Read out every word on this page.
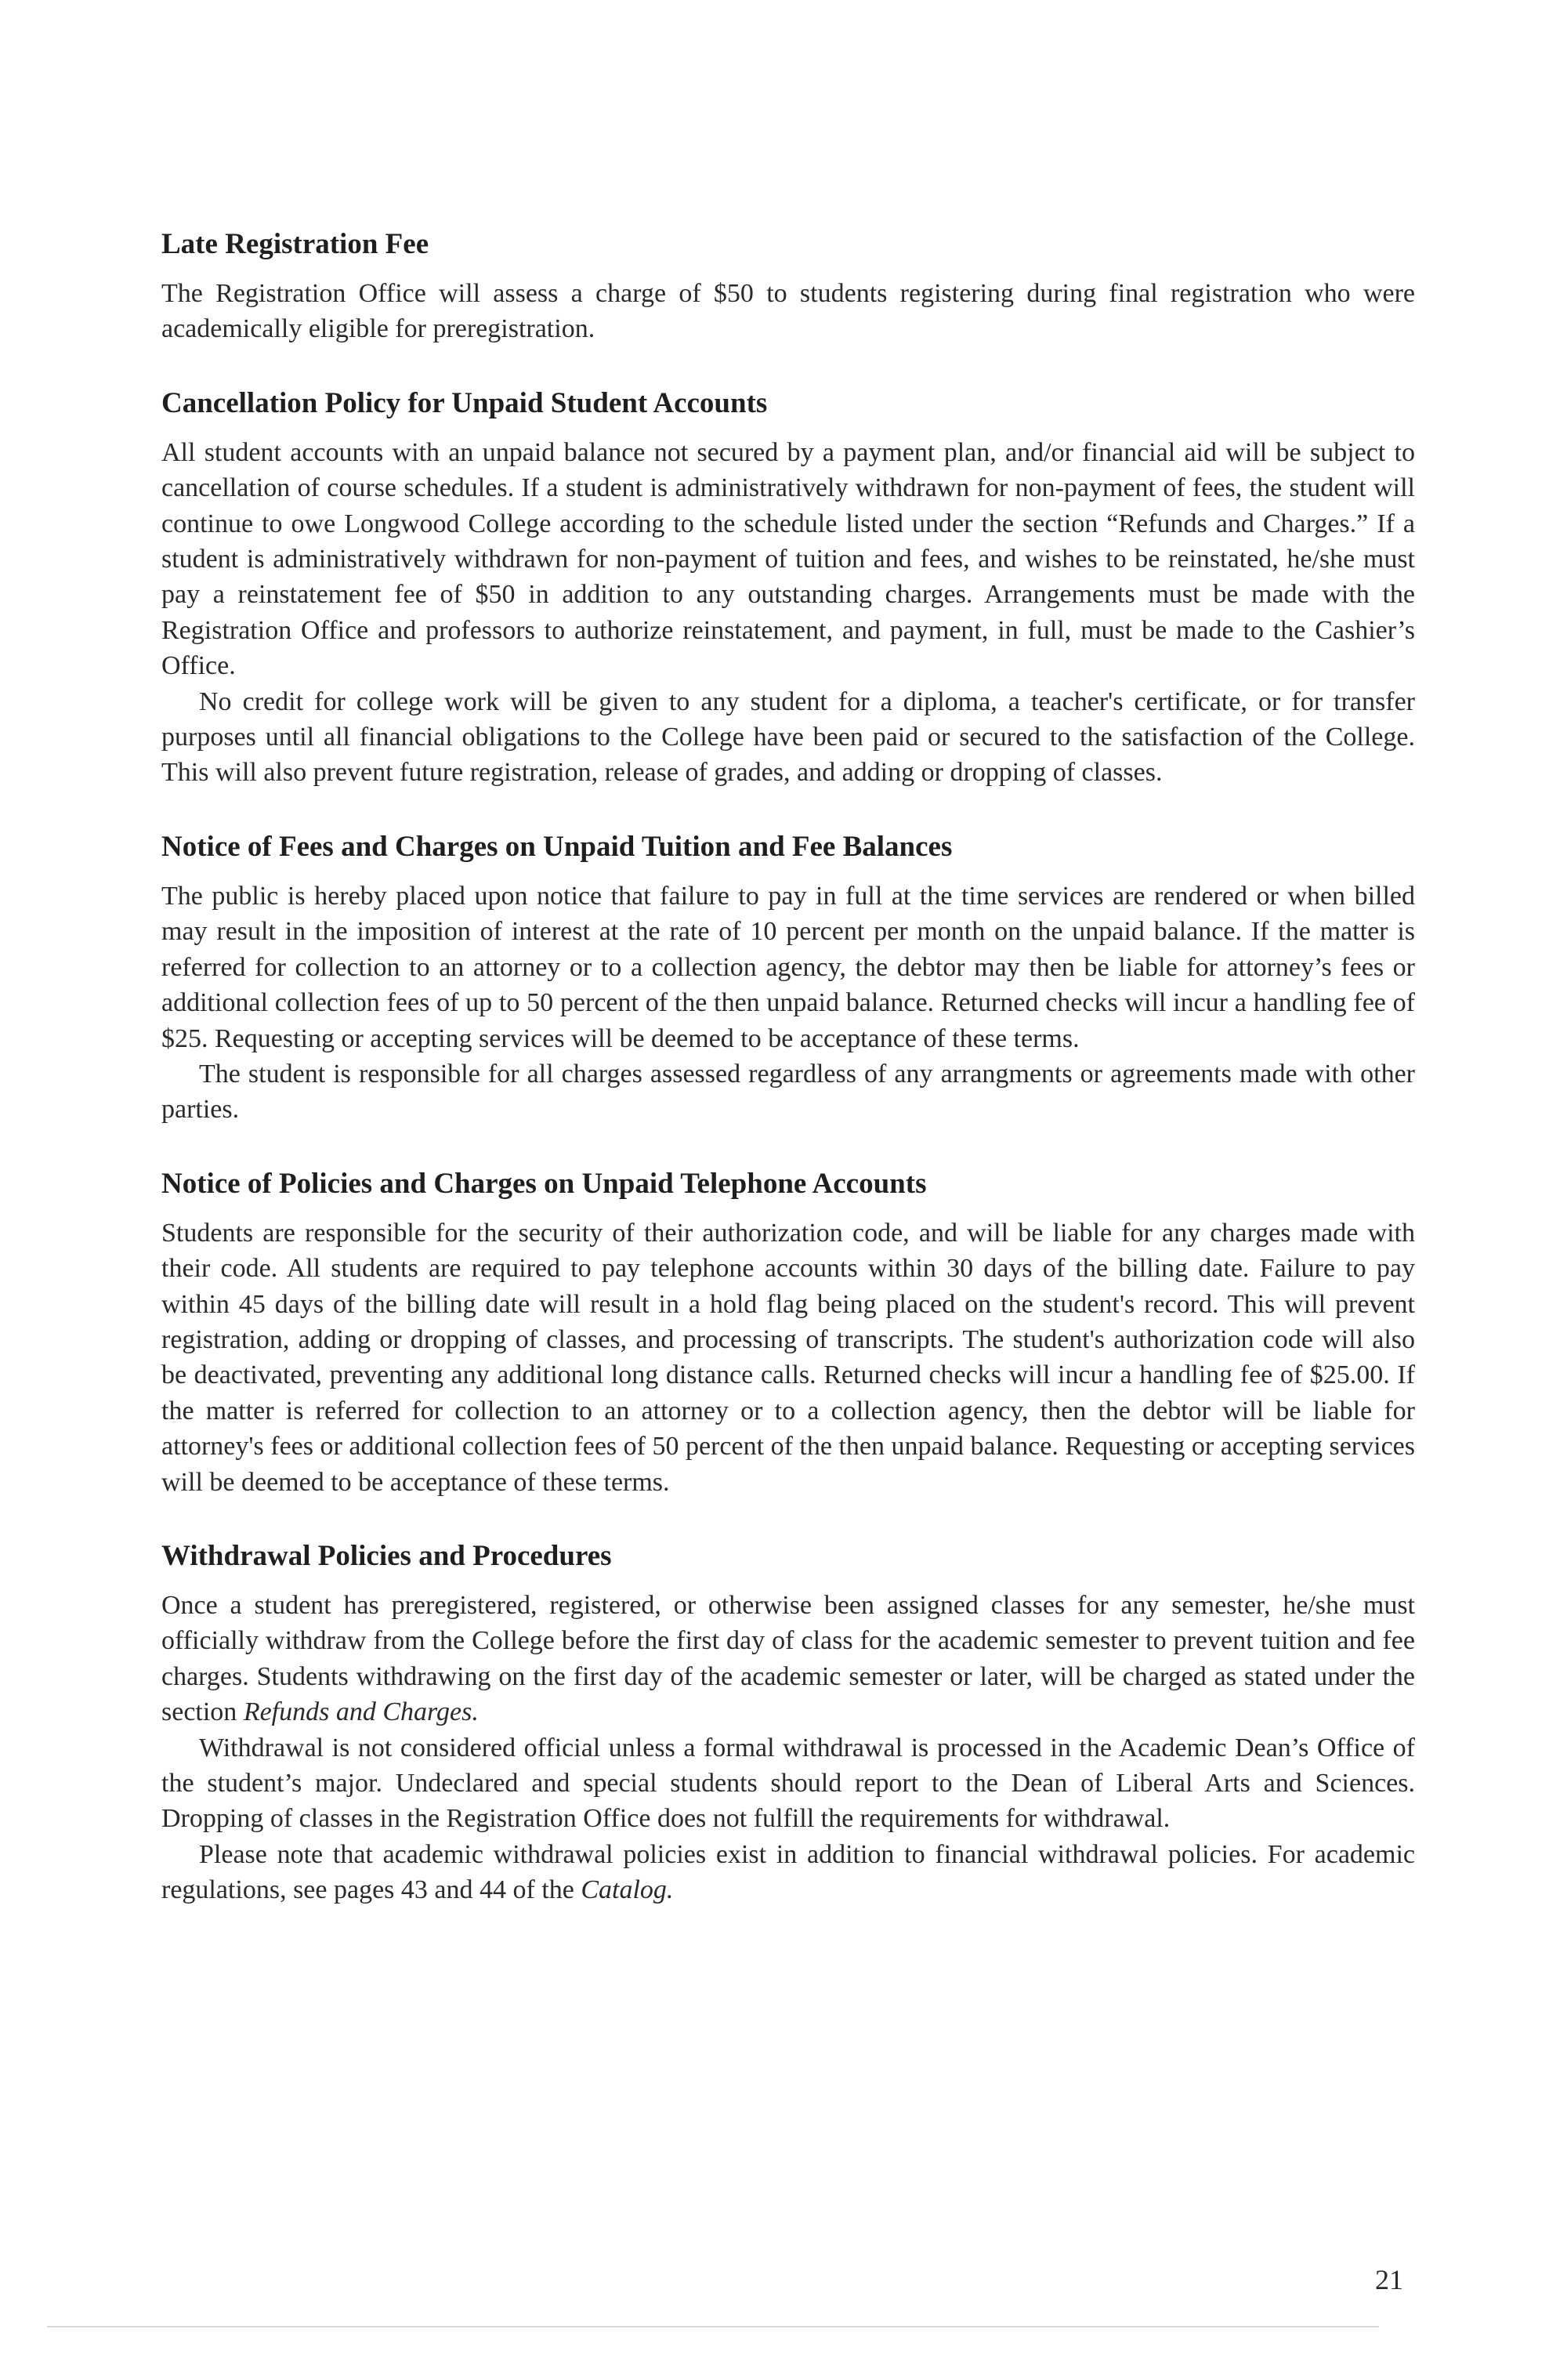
Late Registration Fee

The Registration Office will assess a charge of $50 to students registering during final registration who were academically eligible for preregistration.

Cancellation Policy for Unpaid Student Accounts

All student accounts with an unpaid balance not secured by a payment plan, and/or financial aid will be subject to cancellation of course schedules. If a student is administratively withdrawn for non-payment of fees, the student will continue to owe Longwood College according to the schedule listed under the section “Refunds and Charges.” If a student is administratively withdrawn for non-payment of tuition and fees, and wishes to be reinstated, he/she must pay a reinstatement fee of $50 in addition to any outstanding charges. Arrangements must be made with the Registration Office and professors to authorize reinstatement, and payment, in full, must be made to the Cashier’s Office.

No credit for college work will be given to any student for a diploma, a teacher's certificate, or for transfer purposes until all financial obligations to the College have been paid or secured to the satisfaction of the College. This will also prevent future registration, release of grades, and adding or dropping of classes.

Notice of Fees and Charges on Unpaid Tuition and Fee Balances

The public is hereby placed upon notice that failure to pay in full at the time services are rendered or when billed may result in the imposition of interest at the rate of 10 percent per month on the unpaid balance. If the matter is referred for collection to an attorney or to a collection agency, the debtor may then be liable for attorney’s fees or additional collection fees of up to 50 percent of the then unpaid balance. Returned checks will incur a handling fee of $25. Requesting or accepting services will be deemed to be acceptance of these terms.

The student is responsible for all charges assessed regardless of any arrangments or agreements made with other parties.

Notice of Policies and Charges on Unpaid Telephone Accounts

Students are responsible for the security of their authorization code, and will be liable for any charges made with their code. All students are required to pay telephone accounts within 30 days of the billing date. Failure to pay within 45 days of the billing date will result in a hold flag being placed on the student's record. This will prevent registration, adding or dropping of classes, and processing of transcripts. The student's authorization code will also be deactivated, preventing any additional long distance calls. Returned checks will incur a handling fee of $25.00. If the matter is referred for collection to an attorney or to a collection agency, then the debtor will be liable for attorney's fees or additional collection fees of 50 percent of the then unpaid balance. Requesting or accepting services will be deemed to be acceptance of these terms.

Withdrawal Policies and Procedures

Once a student has preregistered, registered, or otherwise been assigned classes for any semester, he/she must officially withdraw from the College before the first day of class for the academic semester to prevent tuition and fee charges. Students withdrawing on the first day of the academic semester or later, will be charged as stated under the section Refunds and Charges.

Withdrawal is not considered official unless a formal withdrawal is processed in the Academic Dean’s Office of the student’s major. Undeclared and special students should report to the Dean of Liberal Arts and Sciences. Dropping of classes in the Registration Office does not fulfill the requirements for withdrawal.

Please note that academic withdrawal policies exist in addition to financial withdrawal policies. For academic regulations, see pages 43 and 44 of the Catalog.

21
